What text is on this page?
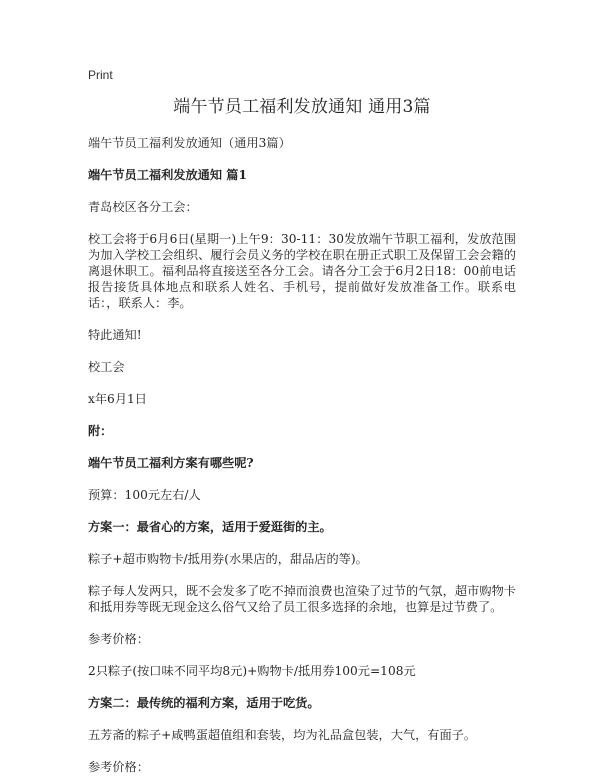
Print
端午节员工福利发放通知 通用3篇

端午节员工福利发放通知（通用3篇）

端午节员工福利发放通知 篇1

青岛校区各分工会：

校工会将于6月6日(星期一)上午9：30-11：30发放端午节职工福利，发放范围为加入学校工会组织、履行会员义务的学校在职在册正式职工及保留工会会籍的离退休职工。福利品将直接送至各分工会。请各分工会于6月2日18：00前电话报告接货具体地点和联系人姓名、手机号，提前做好发放准备工作。联系电话：，联系人：李。

特此通知!

校工会

x年6月1日

附：

端午节员工福利方案有哪些呢?

预算：100元左右/人

方案一：最省心的方案，适用于爱逛街的主。

粽子+超市购物卡/抵用券(水果店的，甜品店的等)。

粽子每人发两只，既不会发多了吃不掉而浪费也渲染了过节的气氛，超市购物卡和抵用券等既无现金这么俗气又给了员工很多选择的余地，也算是过节费了。

参考价格：

2只粽子(按口味不同平均8元)+购物卡/抵用券100元=108元

方案二：最传统的福利方案，适用于吃货。

五芳斋的粽子+咸鸭蛋超值组和套装，均为礼品盒包装，大气，有面子。

参考价格：
